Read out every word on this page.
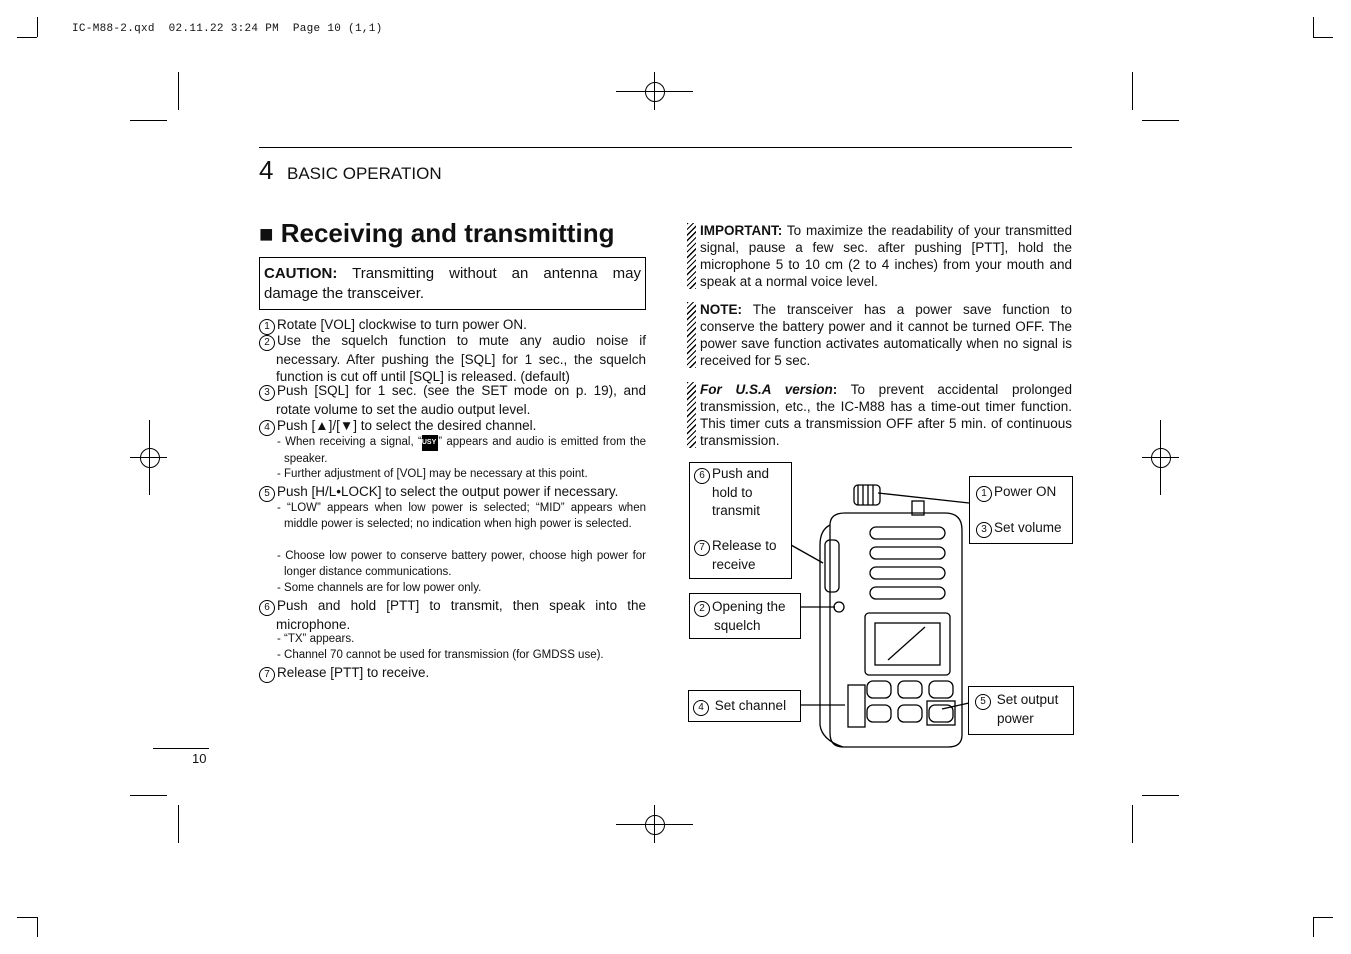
IC-M88-2.qxd  02.11.22 3:24 PM  Page 10 (1,1)
4 BASIC OPERATION
■ Receiving and transmitting
CAUTION: Transmitting without an antenna may damage the transceiver.
1 Rotate [VOL] clockwise to turn power ON.
2 Use the squelch function to mute any audio noise if necessary. After pushing the [SQL] for 1 sec., the squelch function is cut off until [SQL] is released. (default)
3 Push [SQL] for 1 sec. (see the SET mode on p. 19), and rotate volume to set the audio output level.
4 Push [▲]/[▼] to select the desired channel.
- When receiving a signal, “BUSY ” appears and audio is emitted from the speaker.
- Further adjustment of [VOL] may be necessary at this point.
5 Push [H/L•LOCK] to select the output power if necessary.
- “LOW” appears when low power is selected; “MID” appears when middle power is selected; no indication when high power is selected.
- Choose low power to conserve battery power, choose high power for longer distance communications.
- Some channels are for low power only.
6 Push and hold [PTT] to transmit, then speak into the microphone.
- “TX” appears.
- Channel 70 cannot be used for transmission (for GMDSS use).
7 Release [PTT] to receive.
IMPORTANT: To maximize the readability of your transmitted signal, pause a few sec. after pushing [PTT], hold the microphone 5 to 10 cm (2 to 4 inches) from your mouth and speak at a normal voice level.
NOTE: The transceiver has a power save function to conserve the battery power and it cannot be turned OFF. The power save function activates automatically when no signal is received for 5 sec.
For U.S.A version: To prevent accidental prolonged transmission, etc., the IC-M88 has a time-out timer function. This timer cuts a transmission OFF after 5 min. of continuous transmission.
6 Push and
hold to
transmit
7 Release to
receive
2 Opening the
squelch
4 Set channel
1 Power ON
3 Set volume
5 Set output
power
10
